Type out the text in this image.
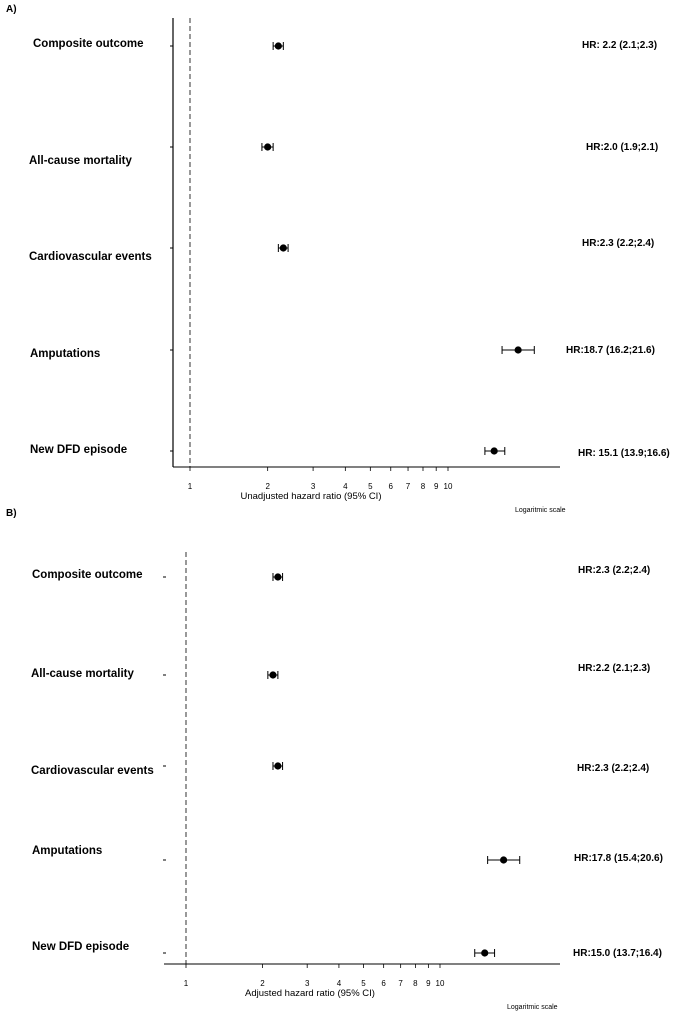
A)
Composite outcome
All-cause mortality
Cardiovascular events
Amputations
New DFD episode
HR: 2.2 (2.1;2.3)
HR:2.0 (1.9;2.1)
HR:2.3 (2.2;2.4)
HR:18.7 (16.2;21.6)
HR: 15.1 (13.9;16.6)
1	2	3	4	5 6 7 8 9 10
Unadjusted hazard ratio (95% CI)
Logaritmic scale
B)
Composite outcome
All-cause mortality
Cardiovascular events
Amputations
New DFD episode
HR:2.3 (2.2;2.4)
HR:2.2 (2.1;2.3)
HR:2.3 (2.2;2.4)
HR:17.8 (15.4;20.6)
HR:15.0 (13.7;16.4)
1	2	3	4	5 6 7 8 9 10
Adjusted hazard ratio (95% CI)
Logaritmic scale
